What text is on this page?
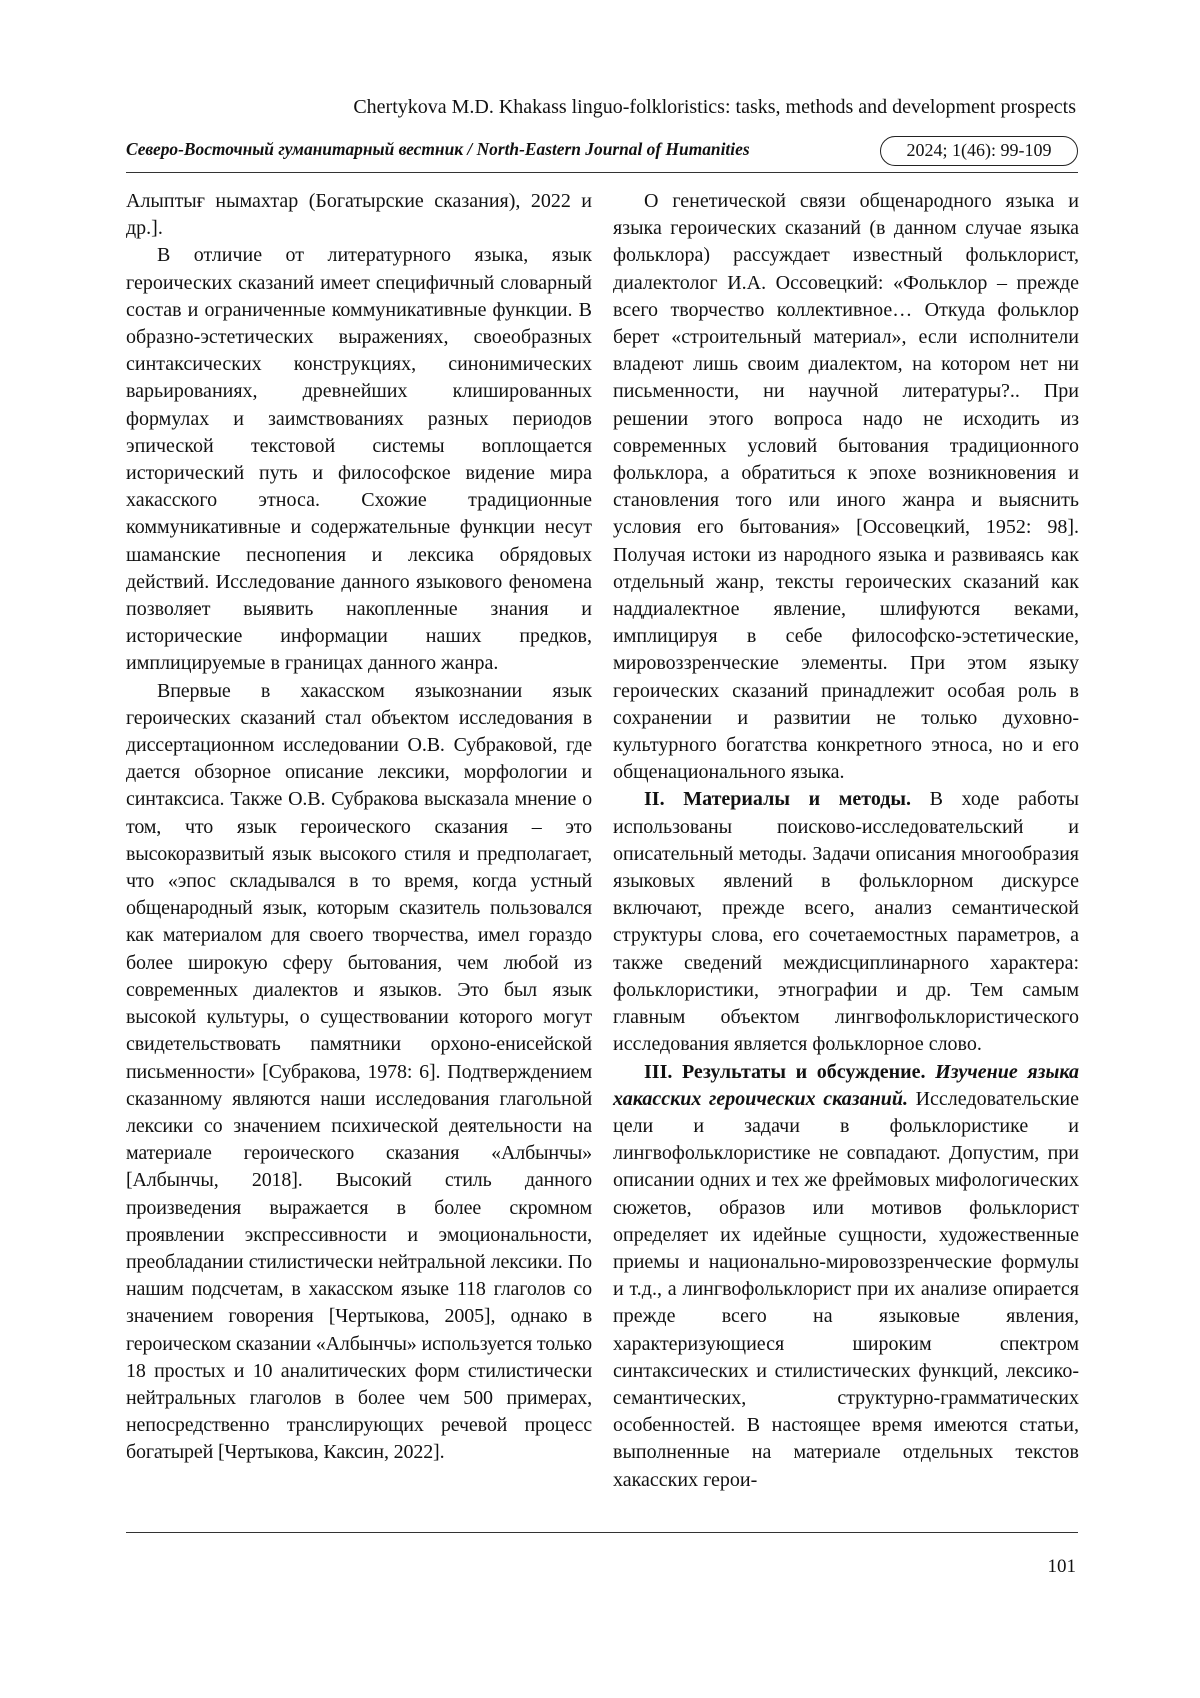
Chertykova M.D. Khakass linguo-folkloristics: tasks, methods and development prospects
Северо-Восточный гуманитарный вестник / North-Eastern Journal of Humanities	2024; 1(46): 99-109

Алыптығ нымахтар (Богатырские сказания), 2022 и др.].

В отличие от литературного языка, язык героических сказаний имеет специфичный словарный состав и ограниченные коммуникативные функции. В образно-эстетических выражениях, своеобразных синтаксических конструкциях, синонимических варьированиях, древнейших клишированных формулах и заимствованиях разных периодов эпической текстовой системы воплощается исторический путь и философское видение мира хакасского этноса. Схожие традиционные коммуникативные и содержательные функции несут шаманские песнопения и лексика обрядовых действий. Исследование данного языкового феномена позволяет выявить накопленные знания и исторические информации наших предков, имплицируемые в границах данного жанра.

Впервые в хакасском языкознании язык героических сказаний стал объектом исследования в диссертационном исследовании О.В. Субраковой, где дается обзорное описание лексики, морфологии и синтаксиса. Также О.В. Субракова высказала мнение о том, что язык героического сказания – это высокоразвитый язык высокого стиля и предполагает, что «эпос складывался в то время, когда устный общенародный язык, которым сказитель пользовался как материалом для своего творчества, имел гораздо более широкую сферу бытования, чем любой из современных диалектов и языков. Это был язык высокой культуры, о существовании которого могут свидетельствовать памятники орхоно-енисейской письменности» [Субракова, 1978: 6]. Подтверждением сказанному являются наши исследования глагольной лексики со значением психической деятельности на материале героического сказания «Албынчы» [Албынчы, 2018]. Высокий стиль данного произведения выражается в более скромном проявлении экспрессивности и эмоциональности, преобладании стилистически нейтральной лексики. По нашим подсчетам, в хакасском языке 118 глаголов со значением говорения [Чертыкова, 2005], однако в героическом сказании «Албынчы» используется только 18 простых и 10 аналитических форм стилистически нейтральных глаголов в более чем 500 примерах, непосредственно транслирующих речевой процесс богатырей [Чертыкова, Каксин, 2022].

О генетической связи общенародного языка и языка героических сказаний (в данном случае языка фольклора) рассуждает известный фольклорист, диалектолог И.А. Оссовецкий: «Фольклор – прежде всего творчество коллективное… Откуда фольклор берет «строительный материал», если исполнители владеют лишь своим диалектом, на котором нет ни письменности, ни научной литературы?.. При решении этого вопроса надо не исходить из современных условий бытования традиционного фольклора, а обратиться к эпохе возникновения и становления того или иного жанра и выяснить условия его бытования» [Оссовецкий, 1952: 98]. Получая истоки из народного языка и развиваясь как отдельный жанр, тексты героических сказаний как наддиалектное явление, шлифуются веками, имплицируя в себе философско-эстетические, мировоззренческие элементы. При этом языку героических сказаний принадлежит особая роль в сохранении и развитии не только духовно-культурного богатства конкретного этноса, но и его общенационального языка.

II. Материалы и методы. В ходе работы использованы поисково-исследовательский и описательный методы. Задачи описания многообразия языковых явлений в фольклорном дискурсе включают, прежде всего, анализ семантической структуры слова, его сочетаемостных параметров, а также сведений междисциплинарного характера: фольклористики, этнографии и др. Тем самым главным объектом лингвофольклористического исследования является фольклорное слово.

III. Результаты и обсуждение. Изучение языка хакасских героических сказаний. Исследовательские цели и задачи в фольклористике и лингвофольклористике не совпадают. Допустим, при описании одних и тех же фреймовых мифологических сюжетов, образов или мотивов фольклорист определяет их идейные сущности, художественные приемы и национально-мировоззренческие формулы и т.д., а лингвофольклорист при их анализе опирается прежде всего на языковые явления, характеризующиеся широким спектром синтаксических и стилистических функций, лексико-семантических, структурно-грамматических особенностей. В настоящее время имеются статьи, выполненные на материале отдельных текстов хакасских герои-

101
